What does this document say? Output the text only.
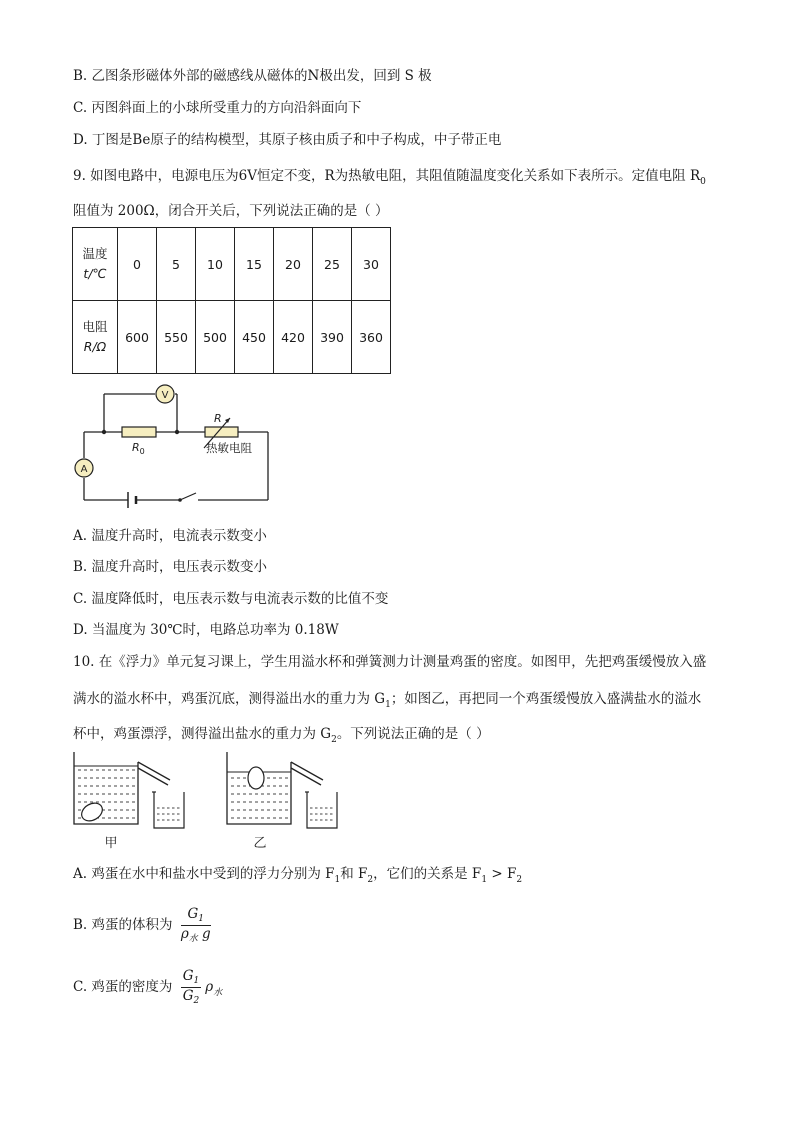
B. 乙图条形磁体外部的磁感线从磁体的N极出发，回到 S 极
C. 丙图斜面上的小球所受重力的方向沿斜面向下
D. 丁图是Be原子的结构模型，其原子核由质子和中子构成，中子带正电
9. 如图电路中，电源电压为6V恒定不变，R为热敏电阻，其阻值随温度变化关系如下表所示。定值电阻 $R_0$
阻值为 200Ω，闭合开关后，下列说法正确的是（ ）
温度
t/℃	0	5	10	15	20	25	30

电阻
R/Ω	600	550	500	450	420	390	360
V
A
$R_0$
R
热敏电阻
A. 温度升高时，电流表示数变小
B. 温度升高时，电压表示数变小
C. 温度降低时，电压表示数与电流表示数的比值不变
D. 当温度为 30℃时，电路总功率为 0.18W
10. 在《浮力》单元复习课上，学生用溢水杯和弹簧测力计测量鸡蛋的密度。如图甲，先把鸡蛋缓慢放入盛
满水的溢水杯中，鸡蛋沉底，测得溢出水的重力为 $G_1$；如图乙，再把同一个鸡蛋缓慢放入盛满盐水的溢水
杯中，鸡蛋漂浮，测得溢出盐水的重力为 $G_2$。下列说法正确的是（ ）
甲	乙
A. 鸡蛋在水中和盐水中受到的浮力分别为 $F_1$和 $F_2$，它们的关系是 $F_1 > F_2$
B. 鸡蛋的体积为 $\frac{G_1}{\rho_水 g}$
C. 鸡蛋的密度为 $\frac{G_1}{G_2} \rho_水$
